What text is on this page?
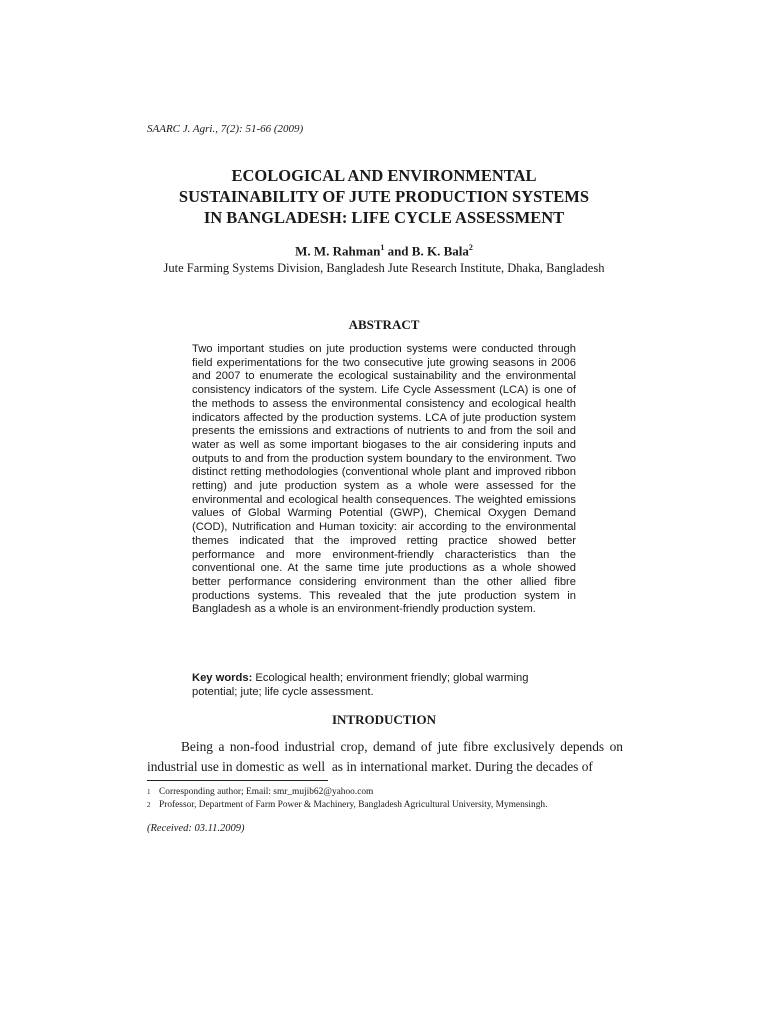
SAARC J. Agri., 7(2): 51-66 (2009)
ECOLOGICAL AND ENVIRONMENTAL
SUSTAINABILITY OF JUTE PRODUCTION SYSTEMS
IN BANGLADESH: LIFE CYCLE ASSESSMENT
M. M. Rahman$^1$ and B. K. Bala$^2$
Jute Farming Systems Division, Bangladesh Jute Research Institute, Dhaka, Bangladesh
ABSTRACT
Two important studies on jute production systems were conducted through field experimentations for the two consecutive jute growing seasons in 2006 and 2007 to enumerate the ecological sustainability and the environmental consistency indicators of the system. Life Cycle Assessment (LCA) is one of the methods to assess the environmental consistency and ecological health indicators affected by the production systems. LCA of jute production system presents the emissions and extractions of nutrients to and from the soil and water as well as some important biogases to the air considering inputs and outputs to and from the production system boundary to the environment. Two distinct retting methodologies (conventional whole plant and improved ribbon retting) and jute production system as a whole were assessed for the environmental and ecological health consequences. The weighted emissions values of Global Warming Potential (GWP), Chemical Oxygen Demand (COD), Nutrification and Human toxicity: air according to the environmental themes indicated that the improved retting practice showed better performance and more environment-friendly characteristics than the conventional one. At the same time jute productions as a whole showed better performance considering environment than the other allied fibre productions systems. This revealed that the jute production system in Bangladesh as a whole is an environment-friendly production system.
Key words: Ecological health; environment friendly; global warming potential; jute; life cycle assessment.
INTRODUCTION
Being a non-food industrial crop, demand of jute fibre exclusively depends on industrial use in domestic as well  as in international market. During the decades of
1 Corresponding author; Email: smr_mujib62@yahoo.com
2 Professor, Department of Farm Power & Machinery, Bangladesh Agricultural University, Mymensingh.
(Received: 03.11.2009)
